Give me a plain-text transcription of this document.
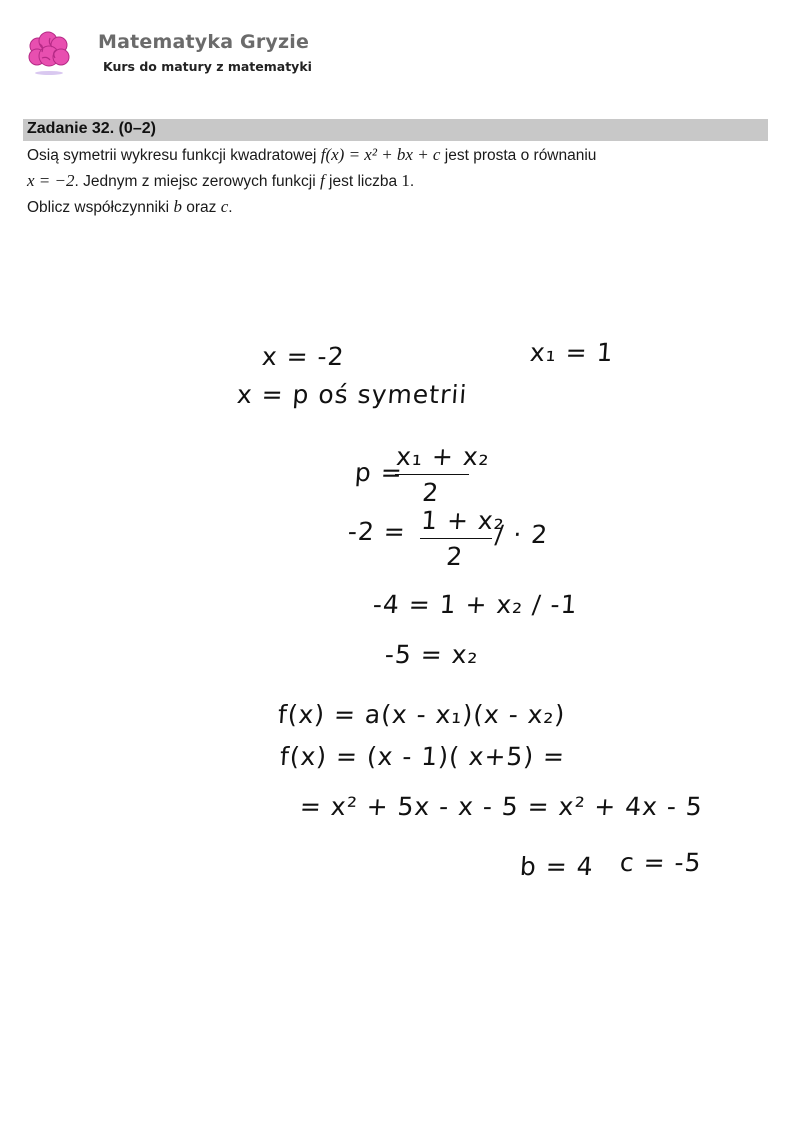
Matematyka Gryzie
Kurs do matury z matematyki
Zadanie 32. (0–2)
Osią symetrii wykresu funkcji kwadratowej f(x) = x² + bx + c jest prosta o równaniu
x = −2. Jednym z miejsc zerowych funkcji f jest liczba 1.
Oblicz współczynniki b oraz c.
x = -2	x₁ = 1
x = p oś symetrii
p =
x₁ + x₂
2
-2 = 1 + x₂
2
/ · 2
-4 = 1 + x₂ / -1
-5 = x₂
f(x) = a(x - x₁)(x - x₂)
f(x) = (x - 1)( x+5) =
= x² + 5x - x - 5 = x² + 4x - 5
b = 4 c = -5
